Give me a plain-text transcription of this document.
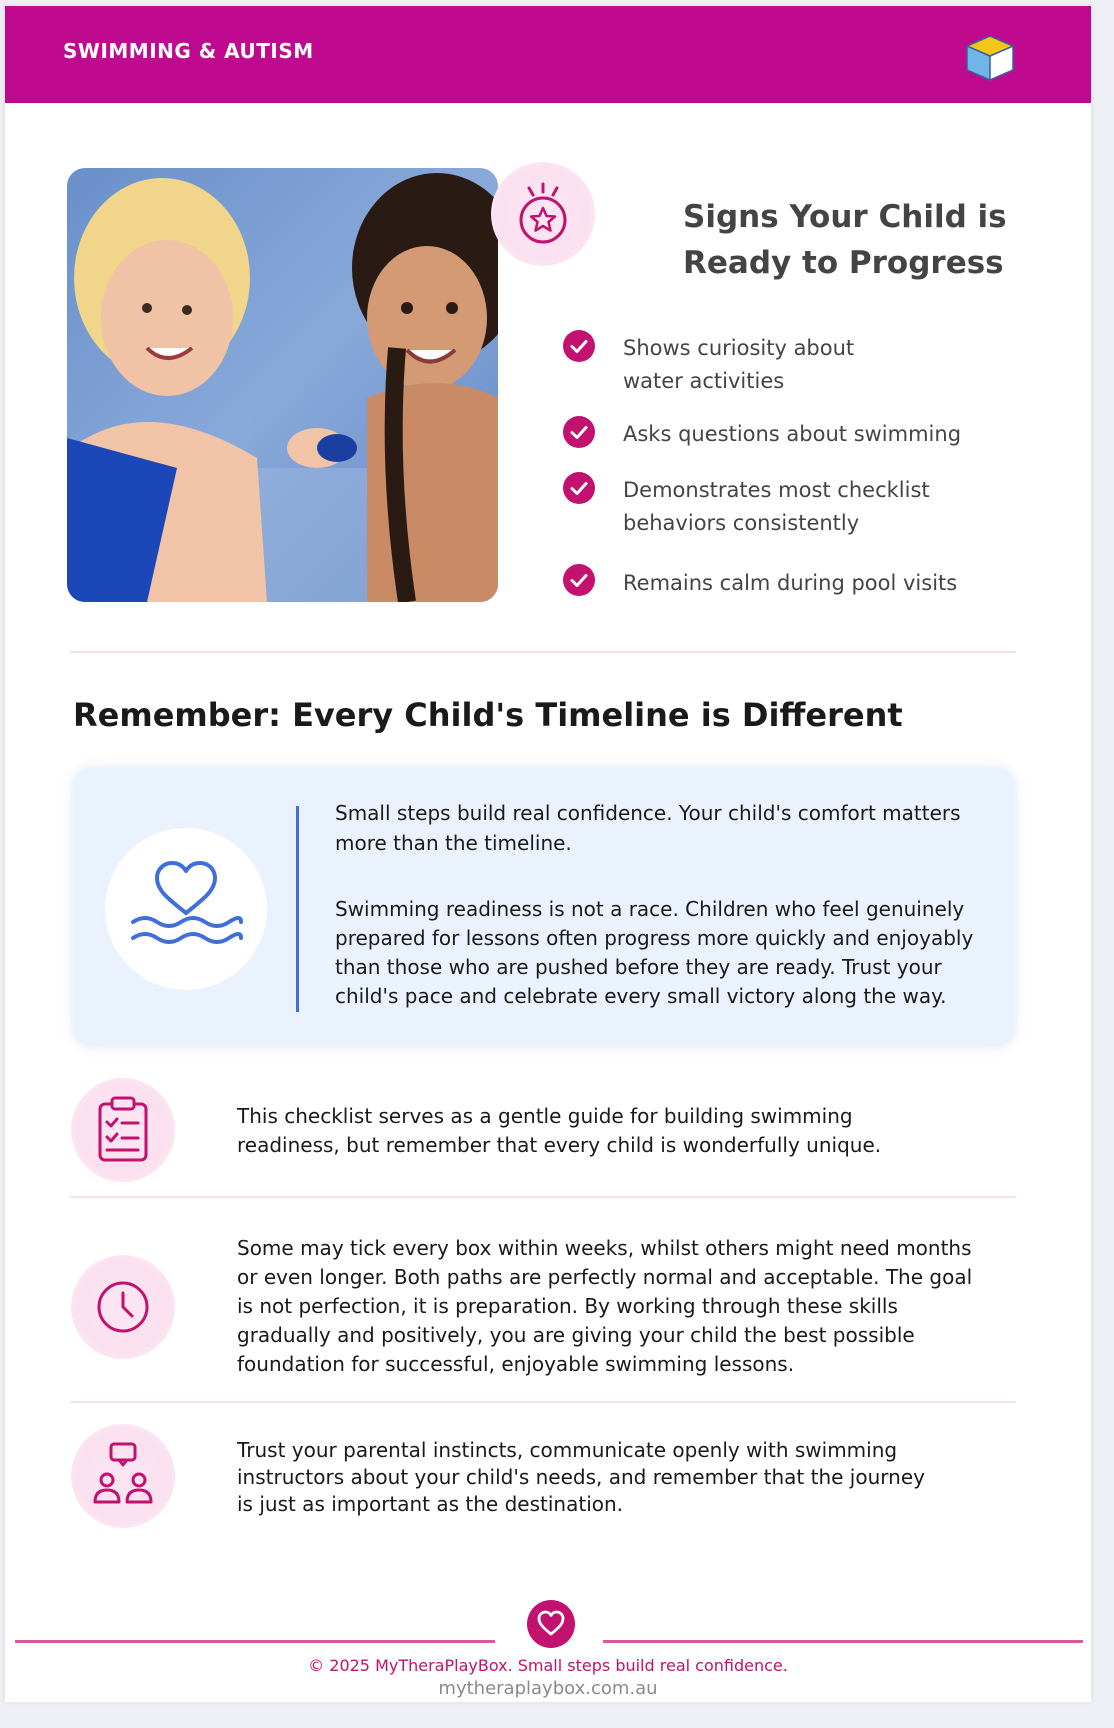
SWIMMING & AUTISM
Signs Your Child is
Ready to Progress
Shows curiosity about
water activities
Asks questions about swimming
Demonstrates most checklist
behaviors consistently
Remains calm during pool visits
Remember: Every Child's Timeline is Different
Small steps build real confidence. Your child's comfort matters more than the timeline.
Swimming readiness is not a race. Children who feel genuinely prepared for lessons often progress more quickly and enjoyably than those who are pushed before they are ready. Trust your child's pace and celebrate every small victory along the way.
This checklist serves as a gentle guide for building swimming readiness, but remember that every child is wonderfully unique.
Some may tick every box within weeks, whilst others might need months or even longer. Both paths are perfectly normal and acceptable. The goal is not perfection, it is preparation. By working through these skills gradually and positively, you are giving your child the best possible foundation for successful, enjoyable swimming lessons.
Trust your parental instincts, communicate openly with swimming instructors about your child's needs, and remember that the journey is just as important as the destination.
© 2025 MyTheraPlayBox. Small steps build real confidence.
mytheraplaybox.com.au
